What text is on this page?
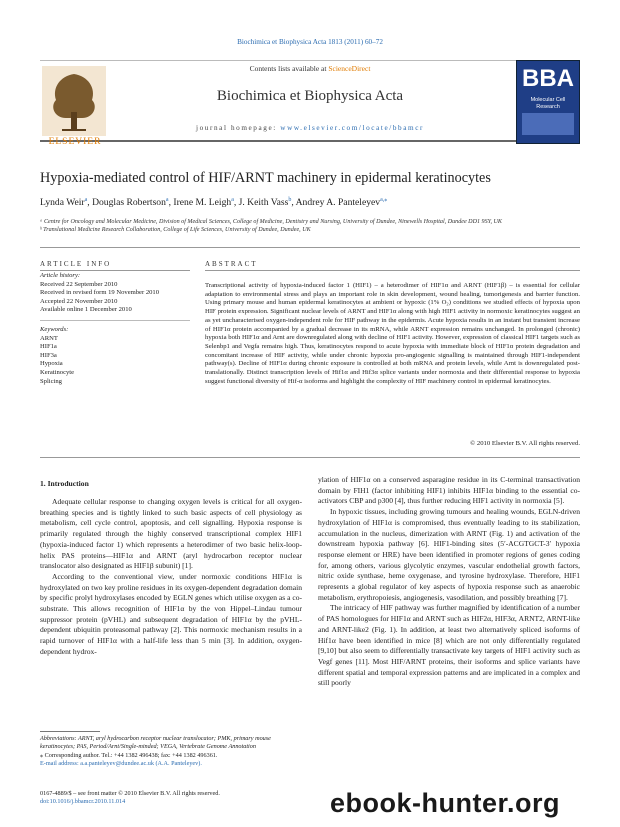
Biochimica et Biophysica Acta 1813 (2011) 60–72
Contents lists available at ScienceDirect
Biochimica et Biophysica Acta
journal homepage: www.elsevier.com/locate/bbamcr
ELSEVIER
BBA
Molecular Cell Research
Hypoxia-mediated control of HIF/ARNT machinery in epidermal keratinocytes
Lynda Weir$^a$, Douglas Robertson$^a$, Irene M. Leigh$^a$, J. Keith Vass$^b$, Andrey A. Panteleyev$^{a,⁎}$
ᵃ Centre for Oncology and Molecular Medicine, Division of Medical Sciences, College of Medicine, Dentistry and Nursing, University of Dundee, Ninewells Hospital, Dundee DD1 9SY, UK
ᵇ Translational Medicine Research Collaboration, College of Life Sciences, University of Dundee, Dundee, UK
ARTICLE INFO	ABSTRACT
Article history:
Received 22 September 2010
Received in revised form 19 November 2010
Accepted 22 November 2010
Available online 1 December 2010
Keywords:
ARNT
HIF1a
HIF3a
Hypoxia
Keratinocyte
Splicing
Transcriptional activity of hypoxia-induced factor 1 (HIF1) – a heterodimer of HIF1α and ARNT (HIF1β) – is essential for cellular adaptation to environmental stress and plays an important role in skin development, wound healing, tumorigenesis and barrier function. Using primary mouse and human epidermal keratinocytes at ambient or hypoxic (1% O₂) conditions we studied effects of hypoxia upon HIF protein expression. Significant nuclear levels of ARNT and HIF1α along with high HIF1 activity in normoxic keratinocytes suggest an as yet uncharacterised oxygen-independent role for HIF pathway in the epidermis. Acute hypoxia results in an instant but transient increase of HIF1α protein accompanied by a gradual decrease in its mRNA, while ARNT expression remains unchanged. In prolonged (chronic) hypoxia both HIF1α and Arnt are downregulated along with decline of HIF1 activity. However, expression of classical HIF1 targets such as Selenbp1 and Vegfa remains high. Thus, keratinocytes respond to acute hypoxia with immediate block of HIF1α protein degradation and concomitant increase of HIF activity, while under chronic hypoxia pro-angiogenic signalling is maintained through HIF1-independent pathway(s). Decline of HIF1α during chronic exposure is controlled at both mRNA and protein levels, while Arnt is downregulated post-translationally. Distinct transcription levels of Hif1α and Hif3α splice variants under normoxia and their differential response to hypoxia suggest functional diversity of Hif-α isoforms and highlight the complexity of HIF machinery control in epidermal keratinocytes.
© 2010 Elsevier B.V. All rights reserved.
1. Introduction

Adequate cellular response to changing oxygen levels is critical for all oxygen-breathing species and is tightly linked to such basic aspects of cell physiology as metabolism, cell cycle control, apoptosis, and cell signalling. Hypoxia response is primarily regulated through the highly conserved transcriptional complex HIF1 (hypoxia-induced factor 1) which represents a heterodimer of two basic helix-loop-helix PAS proteins—HIF1α and ARNT (aryl hydrocarbon receptor nuclear translocator also designated as HIF1β subunit) [1].

According to the conventional view, under normoxic conditions HIF1α is hydroxylated on two key proline residues in its oxygen-dependent degradation domain by specific prolyl hydroxylases encoded by EGLN genes which utilise oxygen as a co-substrate. This allows recognition of HIF1α by the von Hippel–Lindau tumour suppressor protein (pVHL) and subsequent degradation of HIF1α by the pVHL-dependent ubiquitin proteasomal pathway [2]. This normoxic mechanism results in a rapid turnover of HIF1α with a half-life less than 5 min [3]. In addition, oxygen-dependent hydrox-

ylation of HIF1α on a conserved asparagine residue in its C-terminal transactivation domain by FIH1 (factor inhibiting HIF1) inhibits HIF1α binding to the essential co-activators CBP and p300 [4], thus further reducing HIF1 activity in normoxia [5].

In hypoxic tissues, including growing tumours and healing wounds, EGLN-driven hydroxylation of HIF1α is compromised, thus eventually leading to its stabilization, accumulation in the nucleus, dimerization with ARNT (Fig. 1) and activation of the downstream hypoxia pathway [6]. HIF1-binding sites (5′-ACGTGCT-3′ hypoxia response element or HRE) have been identified in promoter regions of genes coding for, among others, various glycolytic enzymes, vascular endothelial growth factors, nitric oxide synthase, heme oxygenase, and tyrosine hydroxylase. Therefore, HIF1 represents a global regulator of key aspects of hypoxia response such as anaerobic metabolism, erythropoiesis, angiogenesis, vasodilation, and possibly breathing [7].

The intricacy of HIF pathway was further magnified by identification of a number of PAS homologues for HIF1α and ARNT such as HIF2α, HIF3α, ARNT2, ARNT-like and ARNT-like2 (Fig. 1). In addition, at least two alternatively spliced isoforms of Hif1α have been identified in mice [8] which are not only differentially regulated [9,10] but also seem to differentially transactivate key targets of HIF1 activity such as Vegf genes [11]. Most HIF/ARNT proteins, their isoforms and splice variants have different spatial and temporal expression patterns and are implicated in a complex and still poorly

Abbreviations: ARNT, aryl hydrocarbon receptor nuclear translocator; PMK, primary mouse keratinocytes; PAS, Period/Arnt/Single-minded; VEGA, Vertebrate Genome Annotation
⁎ Corresponding author. Tel.: +44 1382 496438; fax: +44 1382 496361.
E-mail address: a.a.panteleyev@dundee.ac.uk (A.A. Panteleyev).
0167-4889/$ – see front matter © 2010 Elsevier B.V. All rights reserved.
doi:10.1016/j.bbamcr.2010.11.014	ebook-hunter.org
